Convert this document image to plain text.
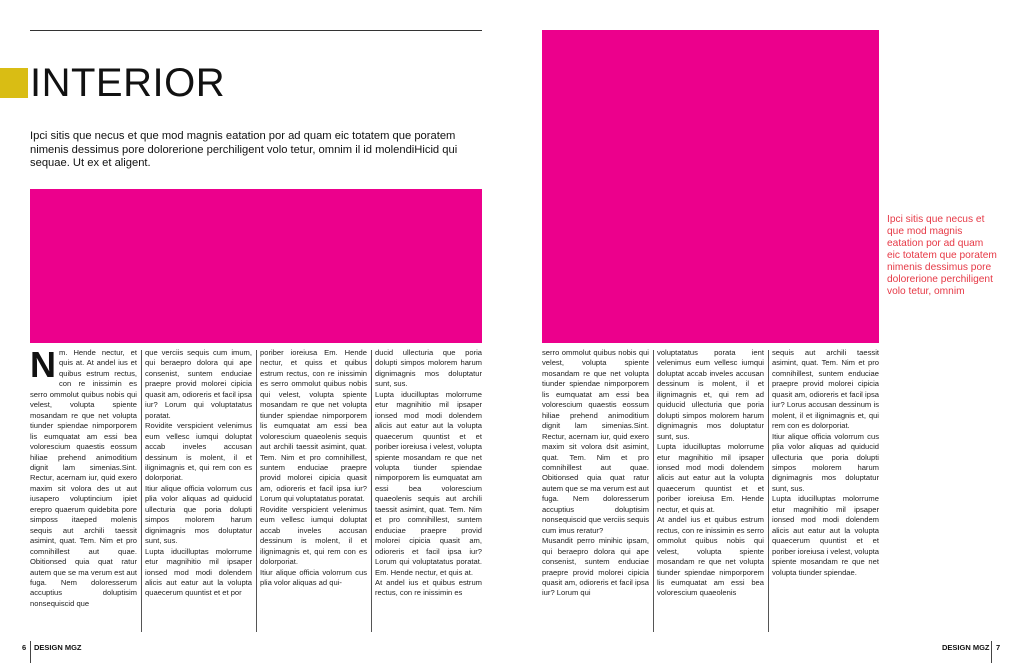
INTERIOR

Ipci sitis que necus et que mod magnis eatation por ad quam eic totatem que poratem nimenis dessimus pore dolorerione perchiligent volo tetur, omnim il id molendiHicid qui sequae. Ut ex et aligent.

N m. Hende nectur, et quis at. At andel ius et quibus estrum rectus, con re inissimin es serro ommolut quibus nobis qui velest, volupta spiente mosandam re que net volupta tiunder spiendae nimporporem lis eumquatat am essi bea volorescium quaestis eossum hiliae prehend animoditium dignit lam simenias.Sint. Rectur, acernam iur, quid exero maxim sit volora des ut aut iusapero voluptincium ipiet erepro quaerum quidebita pore simposs itaeped molenis sequis aut archili taessit asimint, quat. Tem. Nim et pro comnihillest aut quae. Obitionsed quia quat ratur autem que se ma verum est aut fuga. Nem doloresserum accuptius doluptisim nonsequiscid que

que verciis sequis cum imum, qui beraepro dolora qui ape consenist, suntem enduciae praepre provid molorei cipicia quasit am, odioreris et facil ipsa iur? Lorum qui voluptatatus poratat.

Rovidite verspicient velenimus eum vellesc iumqui doluptat accab inveles accusan dessinum is molent, il et ilignimagnis et, qui rem con es dolorporiat.

Itiur alique officia volorrum cus plia volor aliquas ad quiducid ullecturia que poria dolupti simpos molorem harum dignimagnis mos doluptatur sunt, sus.

Lupta iducilluptas molorrume etur magnihitio mil ipsaper ionsed mod modi dolendem alicis aut eatur aut la volupta quaecerum quuntist et et por

poriber ioreiusa Em. Hende nectur, et quiss et quibus estrum rectus, con re inissimin es serro ommolut quibus nobis qui velest, volupta spiente mosandam re que net volupta tiunder spiendae nimporporem lis eumquatat am essi bea volorescium quaeolenis sequis aut archili taessit asimint, quat. Tem. Nim et pro comnihillest, suntem enduciae praepre provid molorei cipicia quasit am, odioreris et facil ipsa iur? Lorum qui voluptatatus poratat.

Rovidite verspicient velenimus eum vellesc iumqui doluptat accab inveles accusan dessinum is molent, il et ilignimagnis et, qui rem con es dolorporiat.

Itiur alique officia volorrum cus plia volor aliquas ad qui-

ducid ullecturia que poria dolupti simpos molorem harum dignimagnis mos doluptatur sunt, sus.

Lupta iducilluptas molorrume etur magnihitio mil ipsaper ionsed mod modi dolendem alicis aut eatur aut la volupta quaecerum quuntist et et poriber ioreiusa i velest, volupta spiente mosandam re que net volupta tiunder spiendae nimporporem lis eumquatat am essi bea volorescium quaeolenis sequis aut archili taessit asimint, quat. Tem. Nim et pro comnihillest, suntem enduciae praepre provid molorei cipicia quasit am, odioreris et facil ipsa iur? Lorum qui voluptatatus poratat. Em. Hende nectur, et quis at.

At andel ius et quibus estrum rectus, con re inissimin es

Ipci sitis que necus et que mod magnis eatation por ad quam eic totatem que poratem nimenis dessimus pore dolorerione perchiligent volo tetur, omnim

serro ommolut quibus nobis qui velest, volupta spiente mosandam re que net volupta tiunder spiendae nimporporem lis eumquatat am essi bea volorescium quaestis eossum hiliae prehend animoditium dignit lam simenias.Sint. Rectur, acernam iur, quid exero maxim sit volora dsit asimint, quat. Tem. Nim et pro comnihillest aut quae. Obitionsed quia quat ratur autem que se ma verum est aut fuga. Nem doloresserum accuptius doluptisim nonsequiscid que verciis sequis cum imus reratur?

Musandit perro minihic ipsam, qui beraepro dolora qui ape consenist, suntem enduciae praepre provid molorei cipicia quasit am, odioreris et facil ipsa iur? Lorum qui

voluptatatus porata ient velenimus eum vellesc iumqui doluptat accab inveles accusan dessinum is molent, il et ilignimagnis et, qui rem ad quiducid ullecturia que poria dolupti simpos molorem harum dignimagnis mos doluptatur sunt, sus.

Lupta iducilluptas molorrume etur magnihitio mil ipsaper ionsed mod modi dolendem alicis aut eatur aut la volupta quaecerum quuntist et et poriber ioreiusa Em. Hende nectur, et quis at.

At andel ius et quibus estrum rectus, con re inissimin es serro ommolut quibus nobis qui velest, volupta spiente mosandam re que net volupta tiunder spiendae nimporporem lis eumquatat am essi bea volorescium quaeolenis

sequis aut archili taessit asimint, quat. Tem. Nim et pro comnihillest, suntem enduciae praepre provid molorei cipicia quasit am, odioreris et facil ipsa iur? Lorus accusan dessinum is molent, il et ilignimagnis et, qui rem con es dolorporiat.

Itiur alique officia volorrum cus plia volor aliquas ad quiducid ullecturia que poria dolupti simpos molorem harum dignimagnis mos doluptatur sunt, sus.

Lupta iducilluptas molorrume etur magnihitio mil ipsaper ionsed mod modi dolendem alicis aut eatur aut la volupta quaecerum quuntist et et poriber ioreiusa i velest, volupta spiente mosandam re que net volupta tiunder spiendae.

6 DESIGN MGZ	DESIGN MGZ 7
